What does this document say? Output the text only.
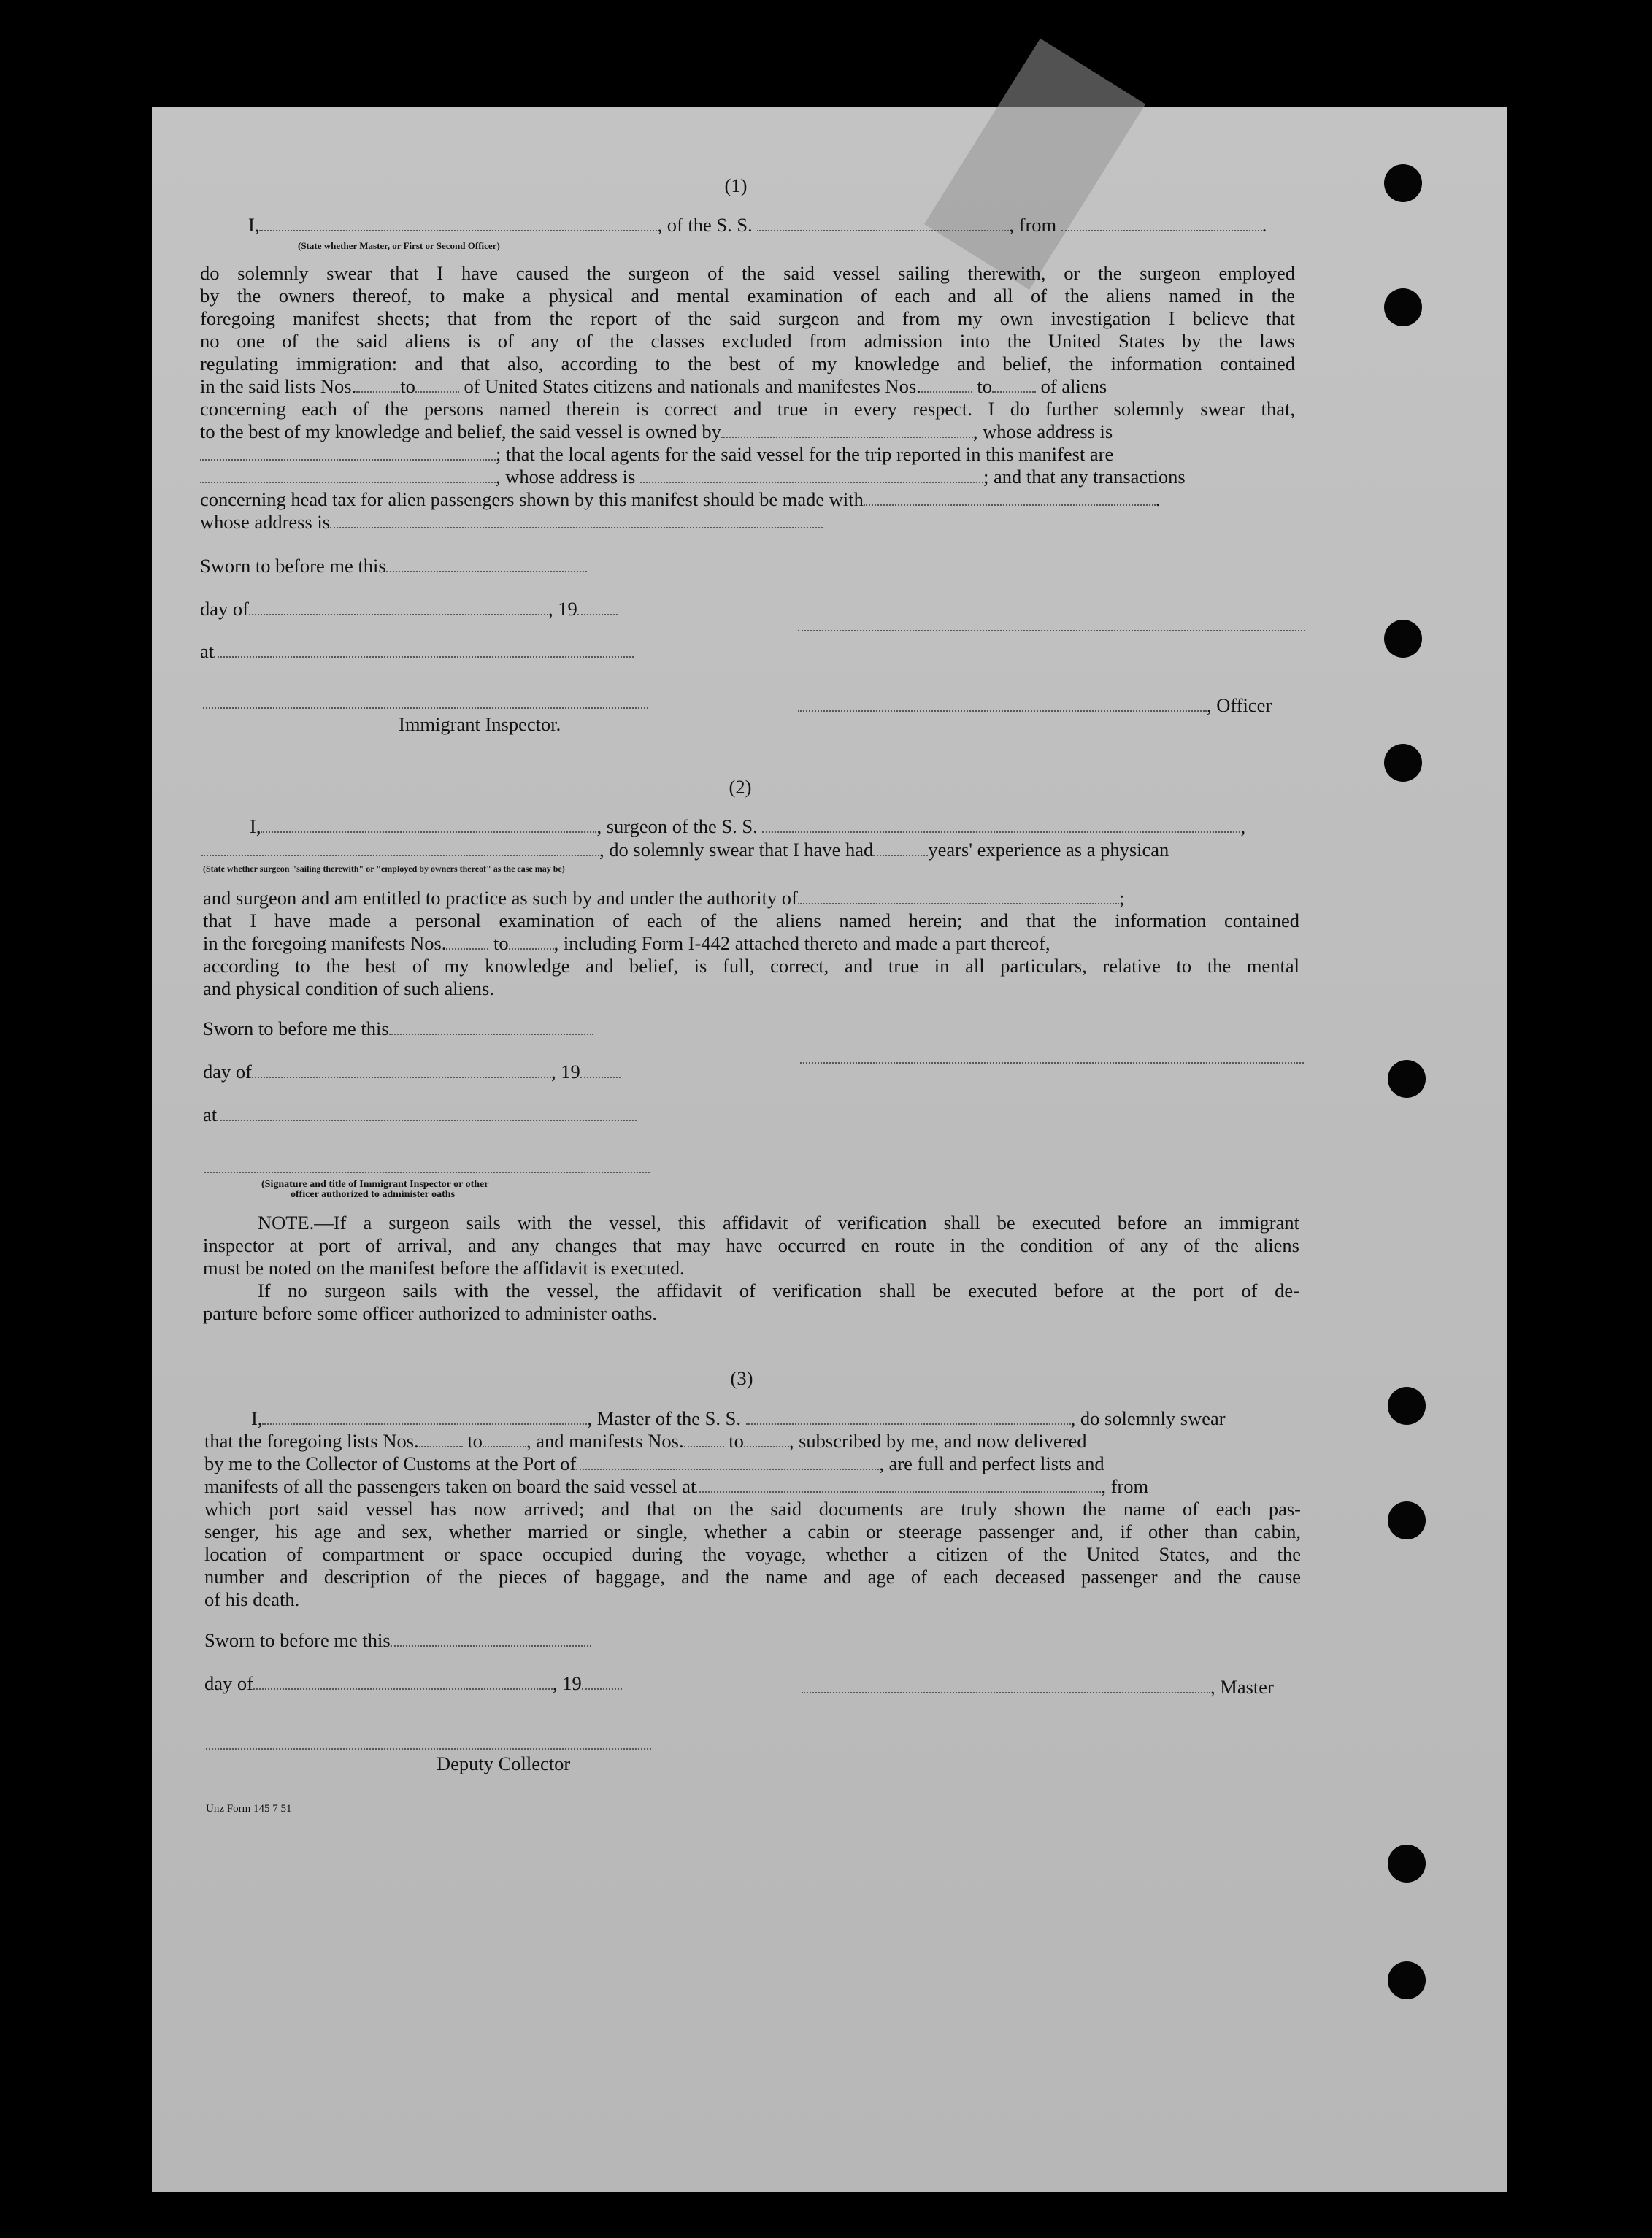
(1)
I,	, of the S. S.	, from	.
(State whether Master, or First or Second Officer)
do solemnly swear that I have caused the surgeon of the said vessel sailing therewith, or the surgeon employed
by the owners thereof, to make a physical and mental examination of each and all of the aliens named in the
foregoing manifest sheets; that from the report of the said surgeon and from my own investigation I believe that
no one of the said aliens is of any of the classes excluded from admission into the United States by the laws
regulating immigration: and that also, according to the best of my knowledge and belief, the information contained
in the said lists Nos. to	of United States citizens and nationals and manifestes Nos.	to	of aliens
concerning each of the persons named therein is correct and true in every respect. I do further solemnly swear that,
to the best of my knowledge and belief, the said vessel is owned by	, whose address is
; that the local agents for the said vessel for the trip reported in this manifest are
, whose address is	; and that any transactions
concerning head tax for alien passengers shown by this manifest should be made with	.
whose address is
Sworn to before me this
day of	, 19
at
, Officer
Immigrant Inspector.
(2)
I,	, surgeon of the S. S.	,
, do solemnly swear that I have had	years' experience as a physican
(State whether surgeon "sailing therewith" or "employed by owners thereof" as the case may be)
and surgeon and am entitled to practice as such by and under the authority of	;
that I have made a personal examination of each of the aliens named herein; and that the information contained
in the foregoing manifests Nos. to , including Form I-442 attached thereto and made a part thereof,
according to the best of my knowledge and belief, is full, correct, and true in all particulars, relative to the mental
and physical condition of such aliens.
Sworn to before me this
day of	, 19
at
(Signature and title of Immigrant Inspector or other
officer authorized to administer oaths
NOTE.—If a surgeon sails with the vessel, this affidavit of verification shall be executed before an immigrant
inspector at port of arrival, and any changes that may have occurred en route in the condition of any of the aliens
must be noted on the manifest before the affidavit is executed.
If no surgeon sails with the vessel, the affidavit of verification shall be executed before at the port of de-
parture before some officer authorized to administer oaths.
(3)
I,	, Master of the S. S.	, do solemnly swear
that the foregoing lists Nos.	to , and manifests Nos. to , subscribed by me, and now delivered
by me to the Collector of Customs at the Port of	, are full and perfect lists and
manifests of all the passengers taken on board the said vessel at	, from
which port said vessel has now arrived; and that on the said documents are truly shown the name of each pas-
senger, his age and sex, whether married or single, whether a cabin or steerage passenger and, if other than cabin,
location of compartment or space occupied during the voyage, whether a citizen of the United States, and the
number and description of the pieces of baggage, and the name and age of each deceased passenger and the cause
of his death.
Sworn to before me this
day of	, 19	, Master
Deputy Collector
Unz Form 145 7 51
